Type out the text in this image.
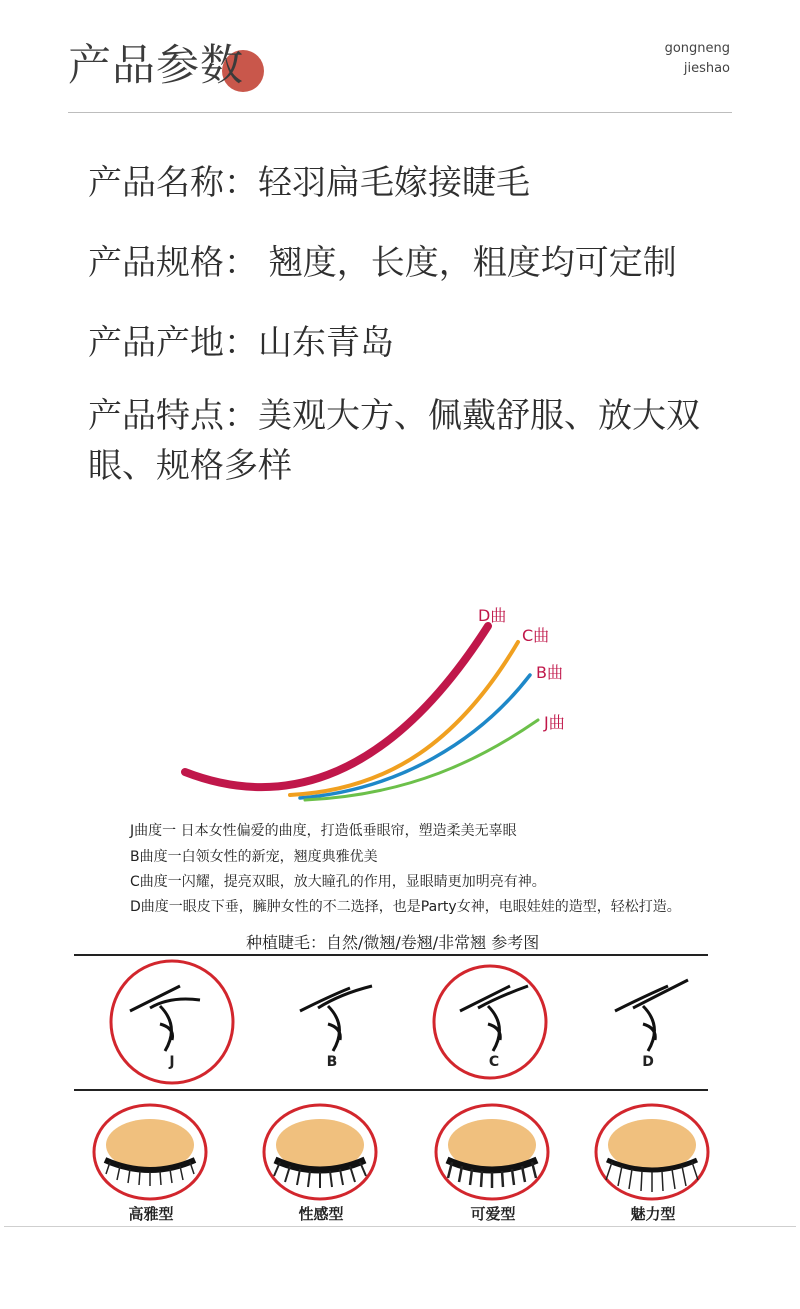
产品参数	gongneng
jieshao
产品名称：轻羽扁毛嫁接睫毛
产品规格： 翘度，长度，粗度均可定制
产品产地：山东青岛
产品特点：美观大方、佩戴舒服、放大双眼、规格多样
D曲
C曲
B曲
J曲
J曲度一 日本女性偏爱的曲度，打造低垂眼帘，塑造柔美无辜眼
B曲度一白领女性的新宠，翘度典雅优美
C曲度一闪耀，提亮双眼，放大瞳孔的作用，显眼睛更加明亮有神。
D曲度一眼皮下垂，臃肿女性的不二选择，也是Party女神，电眼娃娃的造型，轻松打造。
种植睫毛：自然/微翘/卷翘/非常翘 参考图
J	B	C	D
高雅型	性感型	可爱型	魅力型
